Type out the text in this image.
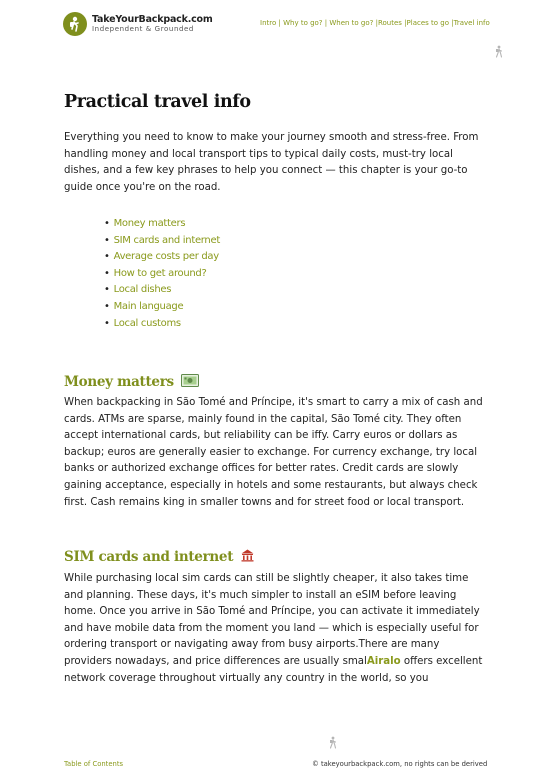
TakeYourBackpack.com
Independent & Grounded
Intro | Why to go? | When to go? |Routes |Places to go |Travel info
Practical travel info

Everything you need to know to make your journey smooth and stress-free. From handling money and local transport tips to typical daily costs, must-try local dishes, and a few key phrases to help you connect — this chapter is your go-to guide once you're on the road.

• Money matters
• SIM cards and internet
• Average costs per day
• How to get around?
• Local dishes
• Main language
• Local customs
Money matters

When backpacking in São Tomé and Príncipe, it's smart to carry a mix of cash and cards. ATMs are sparse, mainly found in the capital, São Tomé city. They often accept international cards, but reliability can be iffy. Carry euros or dollars as backup; euros are generally easier to exchange. For currency exchange, try local banks or authorized exchange offices for better rates. Credit cards are slowly gaining acceptance, especially in hotels and some restaurants, but always check first. Cash remains king in smaller towns and for street food or local transport.

SIM cards and internet

While purchasing local sim cards can still be slightly cheaper, it also takes time and planning. These days, it's much simpler to install an eSIM before leaving home. Once you arrive in São Tomé and Príncipe, you can activate it immediately and have mobile data from the moment you land — which is especially useful for ordering transport or navigating away from busy airports.There are many providers nowadays, and price differences are usually smalAiralo offers excellent network coverage throughout virtually any country in the world, so you

Table of Contents	© takeyourbackpack.com, no rights can be derived
